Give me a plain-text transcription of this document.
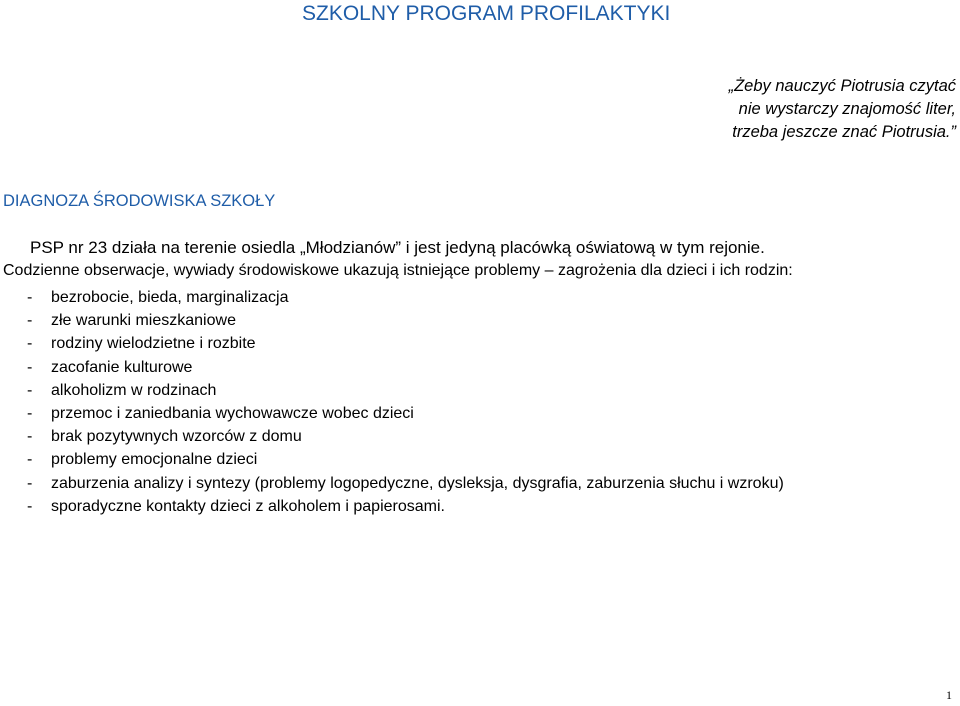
SZKOLNY PROGRAM PROFILAKTYKI
„Żeby nauczyć Piotrusia czytać
nie wystarczy znajomość liter,
trzeba jeszcze znać Piotrusia.”
DIAGNOZA ŚRODOWISKA SZKOŁY
PSP nr 23 działa na terenie osiedla „Młodzianów” i jest jedyną placówką oświatową w tym rejonie.
Codzienne obserwacje, wywiady środowiskowe ukazują istniejące problemy – zagrożenia dla dzieci i ich rodzin:
-	bezrobocie, bieda, marginalizacja
-	złe warunki mieszkaniowe
-	rodziny wielodzietne i rozbite
-	zacofanie kulturowe
-	alkoholizm w rodzinach
-	przemoc i zaniedbania wychowawcze wobec dzieci
-	brak pozytywnych wzorców z domu
-	problemy emocjonalne dzieci
-	zaburzenia analizy i syntezy (problemy logopedyczne, dysleksja, dysgrafia, zaburzenia słuchu i wzroku)
-	sporadyczne kontakty dzieci z alkoholem i papierosami.
1
